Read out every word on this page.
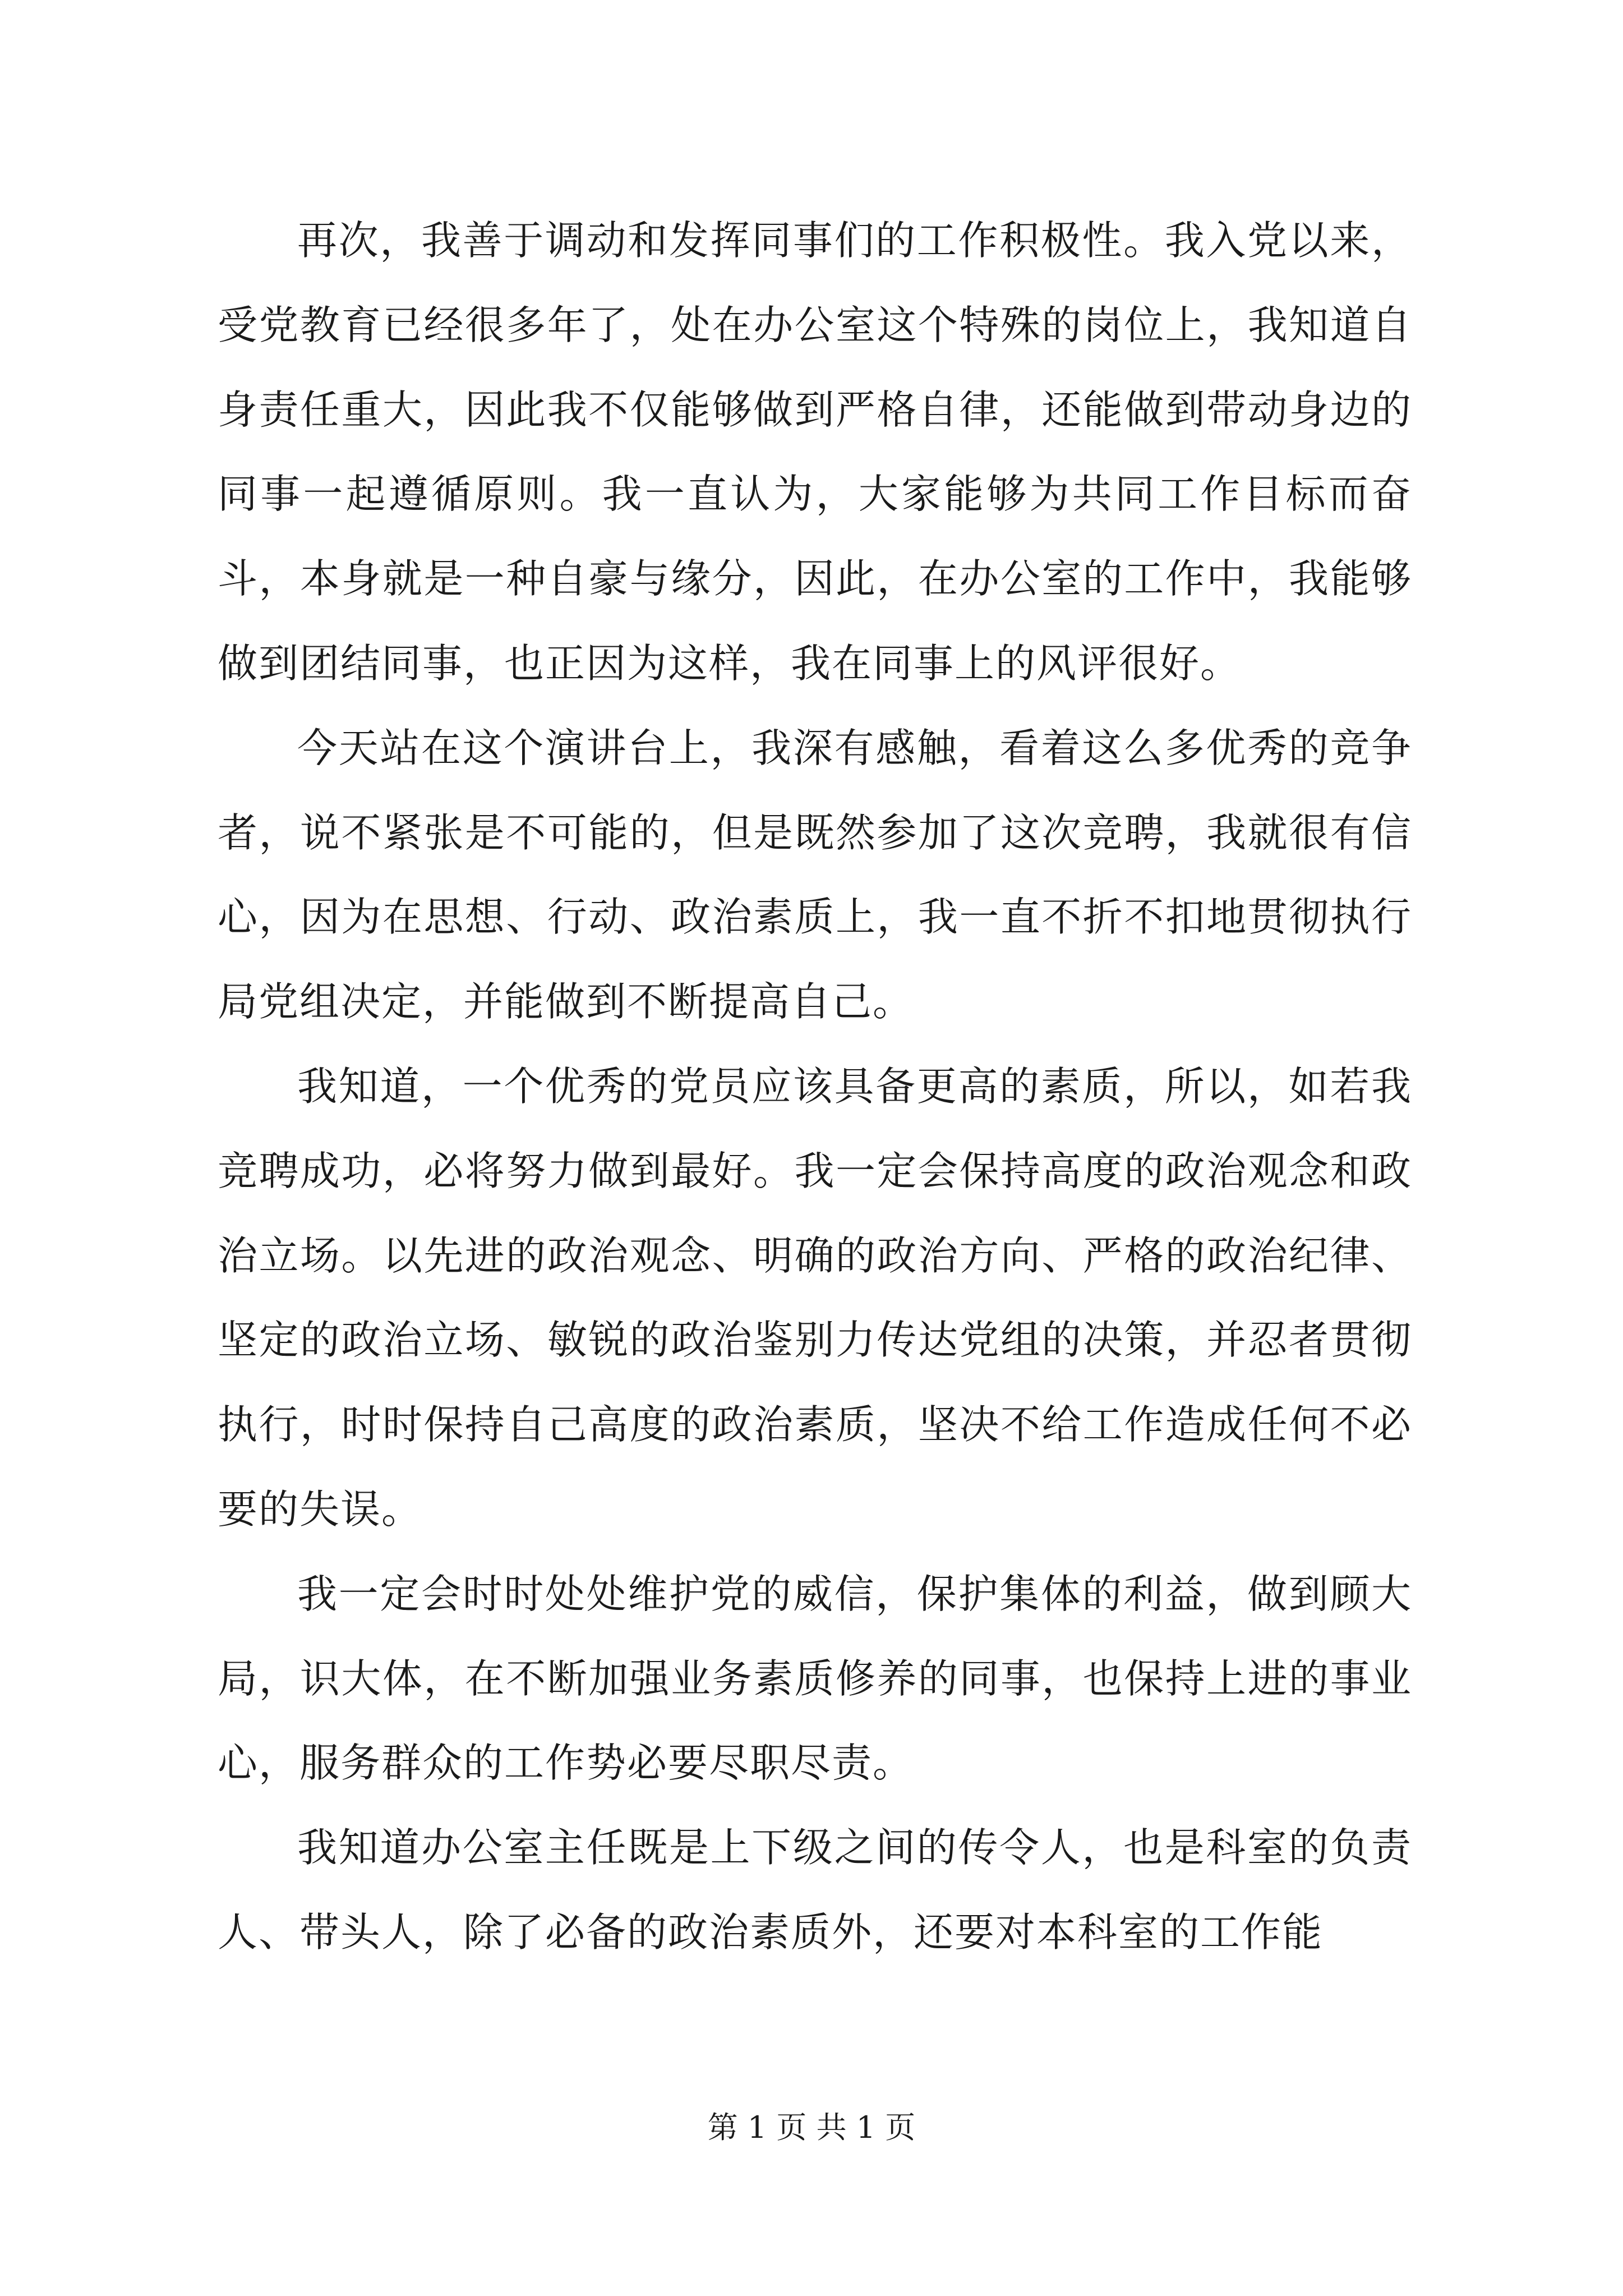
再次，我善于调动和发挥同事们的工作积极性。我入党以来，受党教育已经很多年了，处在办公室这个特殊的岗位上，我知道自身责任重大，因此我不仅能够做到严格自律，还能做到带动身边的同事一起遵循原则。我一直认为，大家能够为共同工作目标而奋斗，本身就是一种自豪与缘分，因此，在办公室的工作中，我能够做到团结同事，也正因为这样，我在同事上的风评很好。

今天站在这个演讲台上，我深有感触，看着这么多优秀的竞争者，说不紧张是不可能的，但是既然参加了这次竞聘，我就很有信心，因为在思想、行动、政治素质上，我一直不折不扣地贯彻执行局党组决定，并能做到不断提高自己。

我知道，一个优秀的党员应该具备更高的素质，所以，如若我竞聘成功，必将努力做到最好。我一定会保持高度的政治观念和政治立场。以先进的政治观念、明确的政治方向、严格的政治纪律、坚定的政治立场、敏锐的政治鉴别力传达党组的决策，并忍者贯彻执行，时时保持自己高度的政治素质，坚决不给工作造成任何不必要的失误。

我一定会时时处处维护党的威信，保护集体的利益，做到顾大局，识大体，在不断加强业务素质修养的同事，也保持上进的事业心，服务群众的工作势必要尽职尽责。

我知道办公室主任既是上下级之间的传令人，也是科室的负责人、带头人，除了必备的政治素质外，还要对本科室的工作能

第 1 页 共 1 页
